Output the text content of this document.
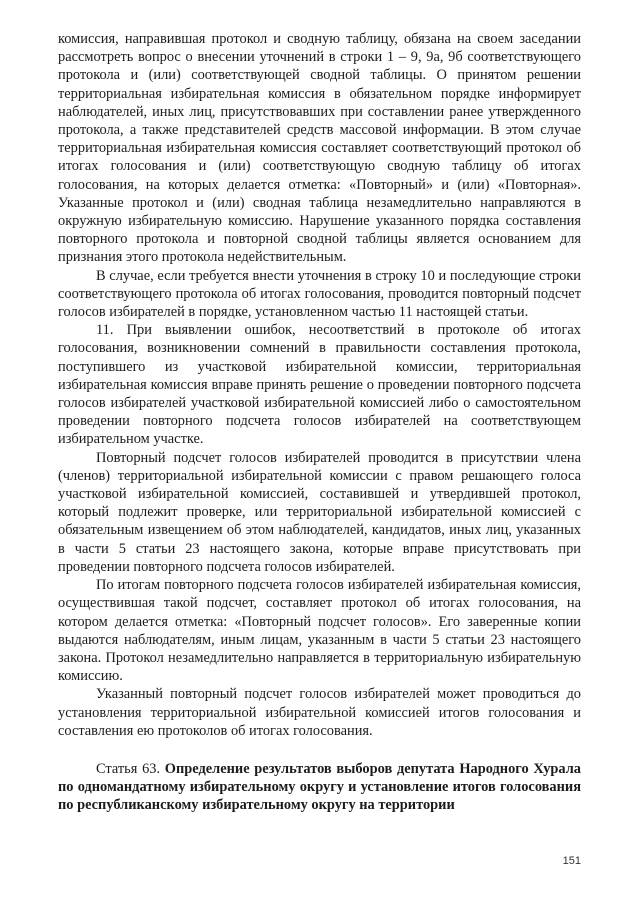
комиссия, направившая протокол и сводную таблицу, обязана на своем заседании рассмотреть вопрос о внесении уточнений в строки 1 – 9, 9а, 9б соответствующего протокола и (или) соответствующей сводной таблицы. О принятом решении территориальная избирательная комиссия в обязательном порядке информирует наблюдателей, иных лиц, присутствовавших при составлении ранее утвержденного протокола, а также представителей средств массовой информации. В этом случае территориальная избирательная комиссия составляет соответствующий протокол об итогах голосования и (или) соответствующую сводную таблицу об итогах голосования, на которых делается отметка: «Повторный» и (или) «Повторная». Указанные протокол и (или) сводная таблица незамедлительно направляются в окружную избирательную комиссию. Нарушение указанного порядка составления повторного протокола и повторной сводной таблицы является основанием для признания этого протокола недействительным.

В случае, если требуется внести уточнения в строку 10 и последующие строки соответствующего протокола об итогах голосования, проводится повторный подсчет голосов избирателей в порядке, установленном частью 11 настоящей статьи.

11. При выявлении ошибок, несоответствий в протоколе об итогах голосования, возникновении сомнений в правильности составления протокола, поступившего из участковой избирательной комиссии, территориальная избирательная комиссия вправе принять решение о проведении повторного подсчета голосов избирателей участковой избирательной комиссией либо о самостоятельном проведении повторного подсчета голосов избирателей на соответствующем избирательном участке.

Повторный подсчет голосов избирателей проводится в присутствии члена (членов) территориальной избирательной комиссии с правом решающего голоса участковой избирательной комиссией, составившей и утвердившей протокол, который подлежит проверке, или территориальной избирательной комиссией с обязательным извещением об этом наблюдателей, кандидатов, иных лиц, указанных в части 5 статьи 23 настоящего закона, которые вправе присутствовать при проведении повторного подсчета голосов избирателей.

По итогам повторного подсчета голосов избирателей избирательная комиссия, осуществившая такой подсчет, составляет протокол об итогах голосования, на котором делается отметка: «Повторный подсчет голосов». Его заверенные копии выдаются наблюдателям, иным лицам, указанным в части 5 статьи 23 настоящего закона. Протокол незамедлительно направляется в территориальную избирательную комиссию.

Указанный повторный подсчет голосов избирателей может проводиться до установления территориальной избирательной комиссией итогов голосования и составления ею протоколов об итогах голосования.

Статья 63. Определение результатов выборов депутата Народного Хурала по одномандатному избирательному округу и установление итогов голосования по республиканскому избирательному округу на территории

151
